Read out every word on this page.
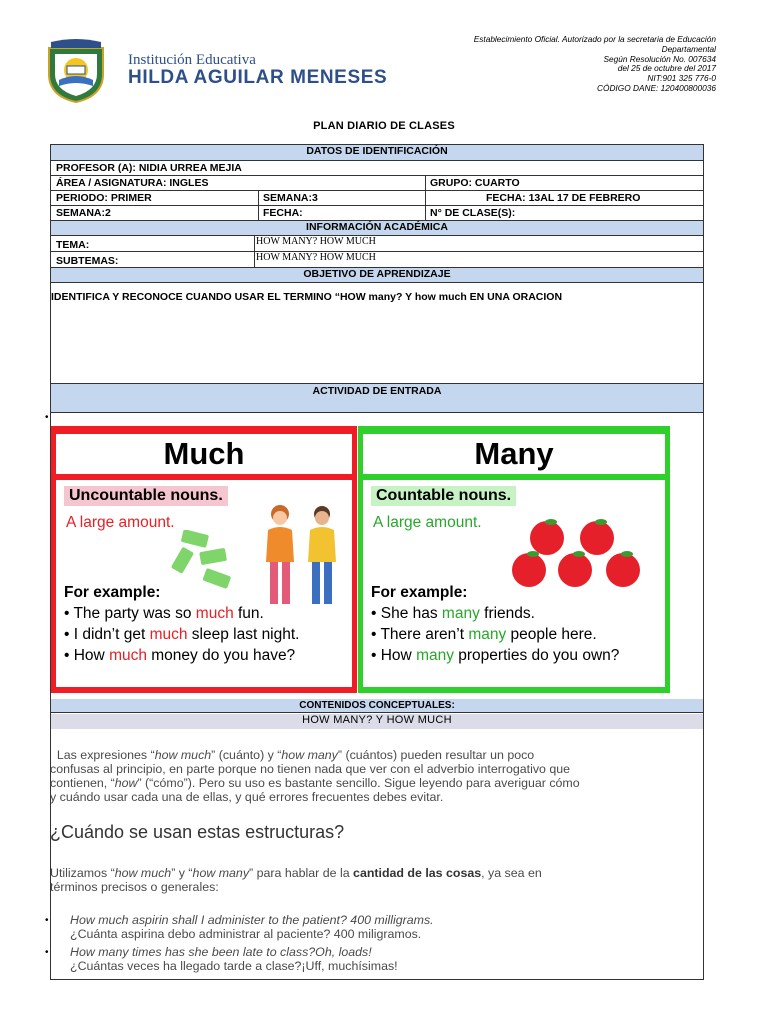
Institución Educativa
HILDA AGUILAR MENESES
Establecimiento Oficial. Autorizado por la secretaria de Educación
Departamental
Según Resolución No. 007634
del 25 de octubre del 2017
NIT:901 325 776-0
CÓDIGO DANE: 120400800036
PLAN DIARIO DE CLASES
DATOS DE IDENTIFICACIÓN
PROFESOR (A): NIDIA URREA MEJIA
ÁREA / ASIGNATURA: INGLES	GRUPO: CUARTO
PERIODO: PRIMER	SEMANA:3	FECHA: 13AL 17 DE FEBRERO
SEMANA:2	FECHA:	N° DE CLASE(S):
INFORMACIÓN ACADÉMICA
TEMA:	HOW MANY? HOW MUCH
SUBTEMAS:	HOW MANY? HOW MUCH
OBJETIVO DE APRENDIZAJE
IDENTIFICA Y RECONOCE CUANDO USAR EL TERMINO “HOW many? Y how much EN UNA ORACION
ACTIVIDAD DE ENTRADA
CONTENIDOS CONCEPTUALES:
•
Much
Uncountable nouns.
A large amount.
For example:
• The party was so much fun.
• I didn’t get much sleep last night.
• How much money do you have?
Many
Countable nouns.
A large amount.
For example:
• She has many friends.
• There aren’t many people here.
• How many properties do you own?
HOW MANY? Y HOW MUCH
Las expresiones “how much” (cuánto) y “how many” (cuántos) pueden resultar un poco
confusas al principio, en parte porque no tienen nada que ver con el adverbio interrogativo que
contienen, “how” (“cómo”). Pero su uso es bastante sencillo. Sigue leyendo para averiguar cómo
y cuándo usar cada una de ellas, y qué errores frecuentes debes evitar.
¿Cuándo se usan estas estructuras?
Utilizamos “how much” y “how many” para hablar de la cantidad de las cosas, ya sea en
términos precisos o generales:
• How much aspirin shall I administer to the patient? 400 milligrams.
¿Cuánta aspirina debo administrar al paciente? 400 miligramos.
• How many times has she been late to class?Oh, loads!
¿Cuántas veces ha llegado tarde a clase?¡Uff, muchísimas!
